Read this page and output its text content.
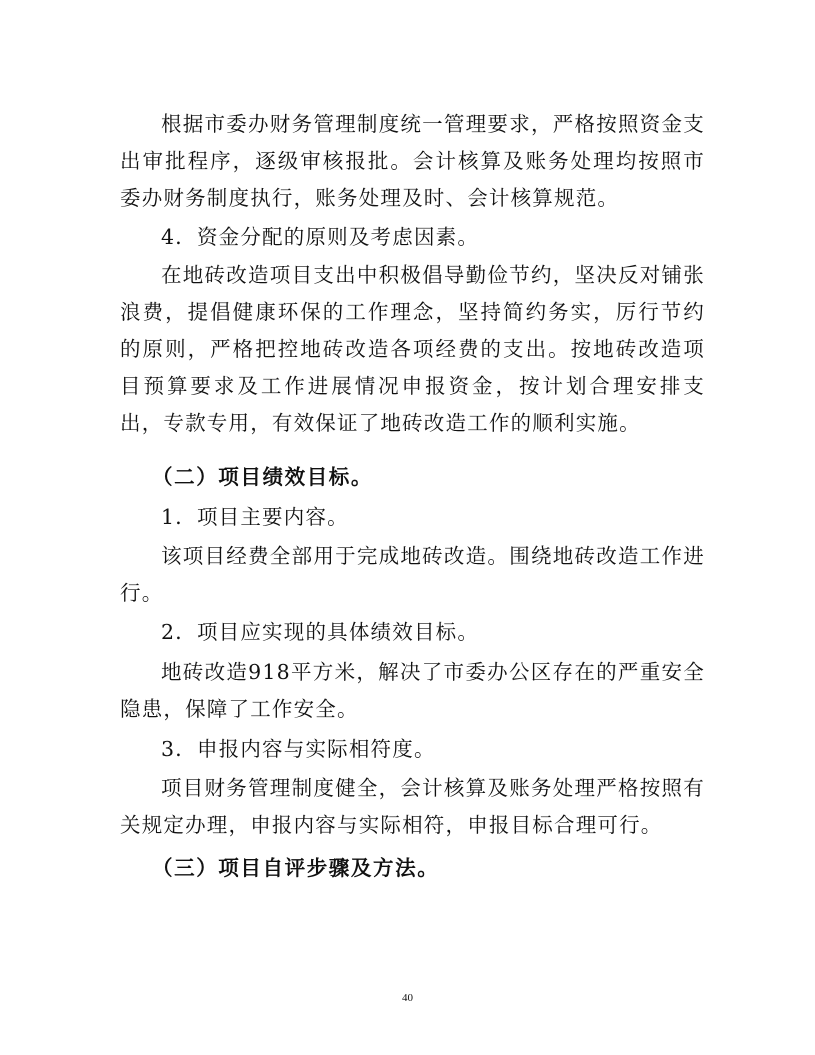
根据市委办财务管理制度统一管理要求，严格按照资金支出审批程序，逐级审核报批。会计核算及账务处理均按照市委办财务制度执行，账务处理及时、会计核算规范。

4．资金分配的原则及考虑因素。

在地砖改造项目支出中积极倡导勤俭节约，坚决反对铺张浪费，提倡健康环保的工作理念，坚持简约务实，厉行节约的原则，严格把控地砖改造各项经费的支出。按地砖改造项目预算要求及工作进展情况申报资金，按计划合理安排支出，专款专用，有效保证了地砖改造工作的顺利实施。

（二）项目绩效目标。

1．项目主要内容。

该项目经费全部用于完成地砖改造。围绕地砖改造工作进行。

2．项目应实现的具体绩效目标。

地砖改造918平方米，解决了市委办公区存在的严重安全隐患，保障了工作安全。

3．申报内容与实际相符度。

项目财务管理制度健全，会计核算及账务处理严格按照有关规定办理，申报内容与实际相符，申报目标合理可行。

（三）项目自评步骤及方法。

40
